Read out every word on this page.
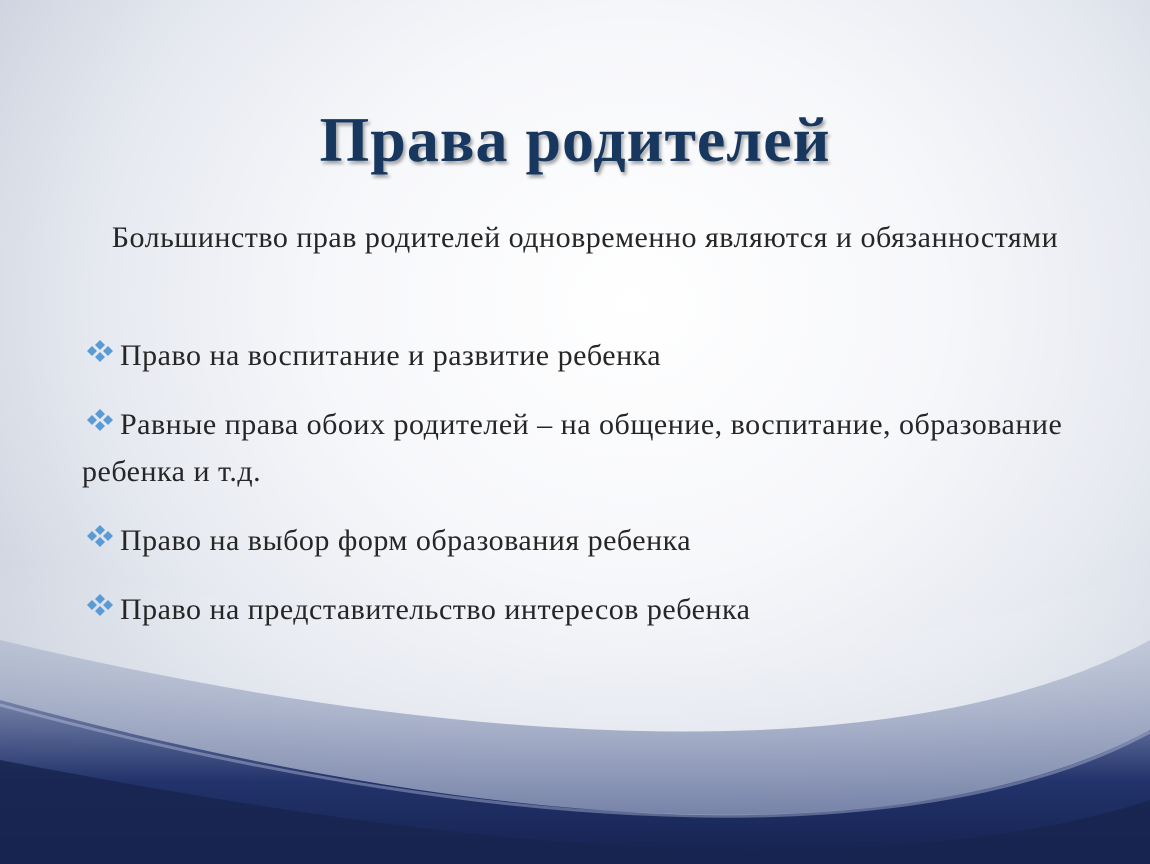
Права родителей
Большинство прав родителей одновременно являются и обязанностями
Право на воспитание и развитие ребенка
Равные права обоих родителей – на общение, воспитание, образование ребенка и т.д.
Право на выбор форм образования ребенка
Право на представительство интересов ребенка
